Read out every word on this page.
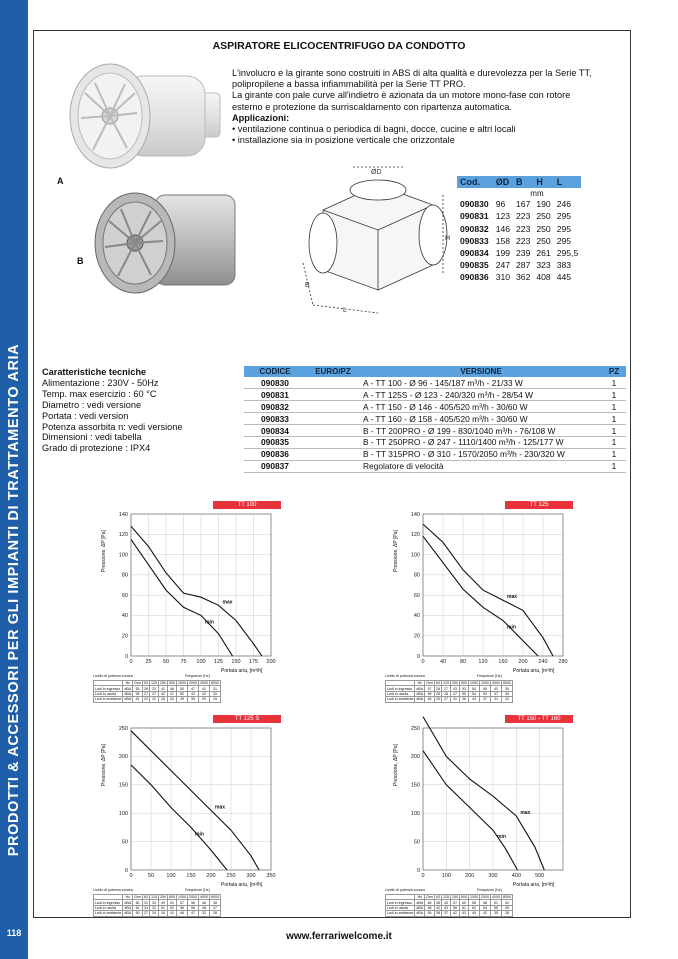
PRODOTTI & ACCESSORI PER GLI IMPIANTI DI TRATTAMENTO ARIA
118
ASPIRATORE ELICOCENTRIFUGO DA CONDOTTO
A
B
B
L
H
ØD
L'involucro e la girante sono costruiti in ABS di alta qualità e durevolezza per la Serie TT,
polipropilene a bassa infiammabilità per la Serie TT PRO.
La girante con pale curve all'indietro è azionata da un motore mono-fase con rotore
esterno e protezione da surriscaldamento con ripartenza automatica.
Applicazioni:
• ventilazione continua o periodica di bagni, docce, cucine e altri locali
• installazione sia in posizione verticale che orizzontale
Cod.	ØD	B	H	L
	mm			
090830	96	167	190	246
090831	123	223	250	295
090832	146	223	250	295
090833	158	223	250	295
090834	199	239	261	295,5
090835	247	287	323	383
090836	310	362	408	445
Caratteristiche tecniche
Alimentazione : 230V - 50Hz
Temp. max esercizio : 60 °C
Diametro : vedi versione
Portata : vedi version
Potenza assorbita n: vedi versione
Dimensioni : vedi tabella
Grado di protezione : IPX4
CODICE	EURO/PZ	VERSIONE	PZ
090830		A - TT 100 - Ø 96 - 145/187 m³/h - 21/33 W	1
090831		A - TT 125S - Ø 123 - 240/320 m³/h - 28/54 W	1
090832		A - TT 150 - Ø 146 - 405/520 m³/h - 30/60 W	1
090833		A - TT 160 - Ø 158 - 405/520 m³/h - 30/60 W	1
090834		B - TT 200PRO - Ø 199 - 830/1040 m³/h - 76/108 W	1
090835		B - TT 250PRO - Ø 247 - 1110/1400 m³/h - 125/177 W	1
090836		B - TT 315PRO - Ø 310 - 1570/2050 m³/h - 230/320 W	1
090837		Regolatore di velocità	1
0
20
40
60
80
100
120
140
0 25 50 75 100 125 150 175 200
max
min
TT 100
Pressione, ΔP [Pa]
Portata aria, [m³/h]
Livello di potenza sonora	Frequenze [Hz]
	Hz	Gen	63	125	250	500	1000	2000	4000	8000
LwA in ingresso	dBA	53	26	23	41	46	50	47	41	31
LwA in uscita	dBA	54	27	27	42	47	50	42	42	29
LwA in ambiente	dBA	41	23	22	26	34	39	39	29	19
0
20
40
60
80
100
120
140
0	40	80 120 160 200 240 280
max
min
TT 125
Pressione, ΔP [Pa]
Portata aria, [m³/h]
Livello di potenza sonora	Frequenze [Hz]
	Hz	Gen	63	125	250	500	1000	2000	4000	8000
LwA in ingresso	dBA	57	28	27	43	53	54	55	43	35
LwA in uscita	dBA	59	28	28	47	50	54	53	47	36
LwA in ambiente	dBA	45	25	27	31	36	44	37	31	22
0
50
100
150
200
250
0	50 100 150 200 250 300 350
max
min
TT 125 S
Pressione, ΔP [Pa]
Portata aria, [m³/h]
Livello di potenza sonora	Frequenze [Hz]
	Hz	Gen	63	125	250	500	1000	2000	4000	8000
LwA in ingresso	dBA	60	31	34	49	51	57	56	46	38
LwA in uscita	dBA	61	34	32	51	52	58	56	48	37
LwA in ambiente	dBA	50	27	29	34	41	46	47	33	28
0
50
100
150
200
250
0	100	200	300	400	500
max
min
TT 150 - TT 160
Pressione, ΔP [Pa]
Portata aria, [m³/h]
Livello di potenza sonora	Frequenze [Hz]
	Hz	Gen	63	125	250	500	1000	2000	4000	8000
LwA in ingresso	dBA	65	38	43	57	60	58	58	51	42
LwA in uscita	dBA	66	42	43	58	61	62	64	55	45
LwA in ambiente	dBA	55	38	37	42	43	49	42	35	28
www.ferrariwelcome.it
